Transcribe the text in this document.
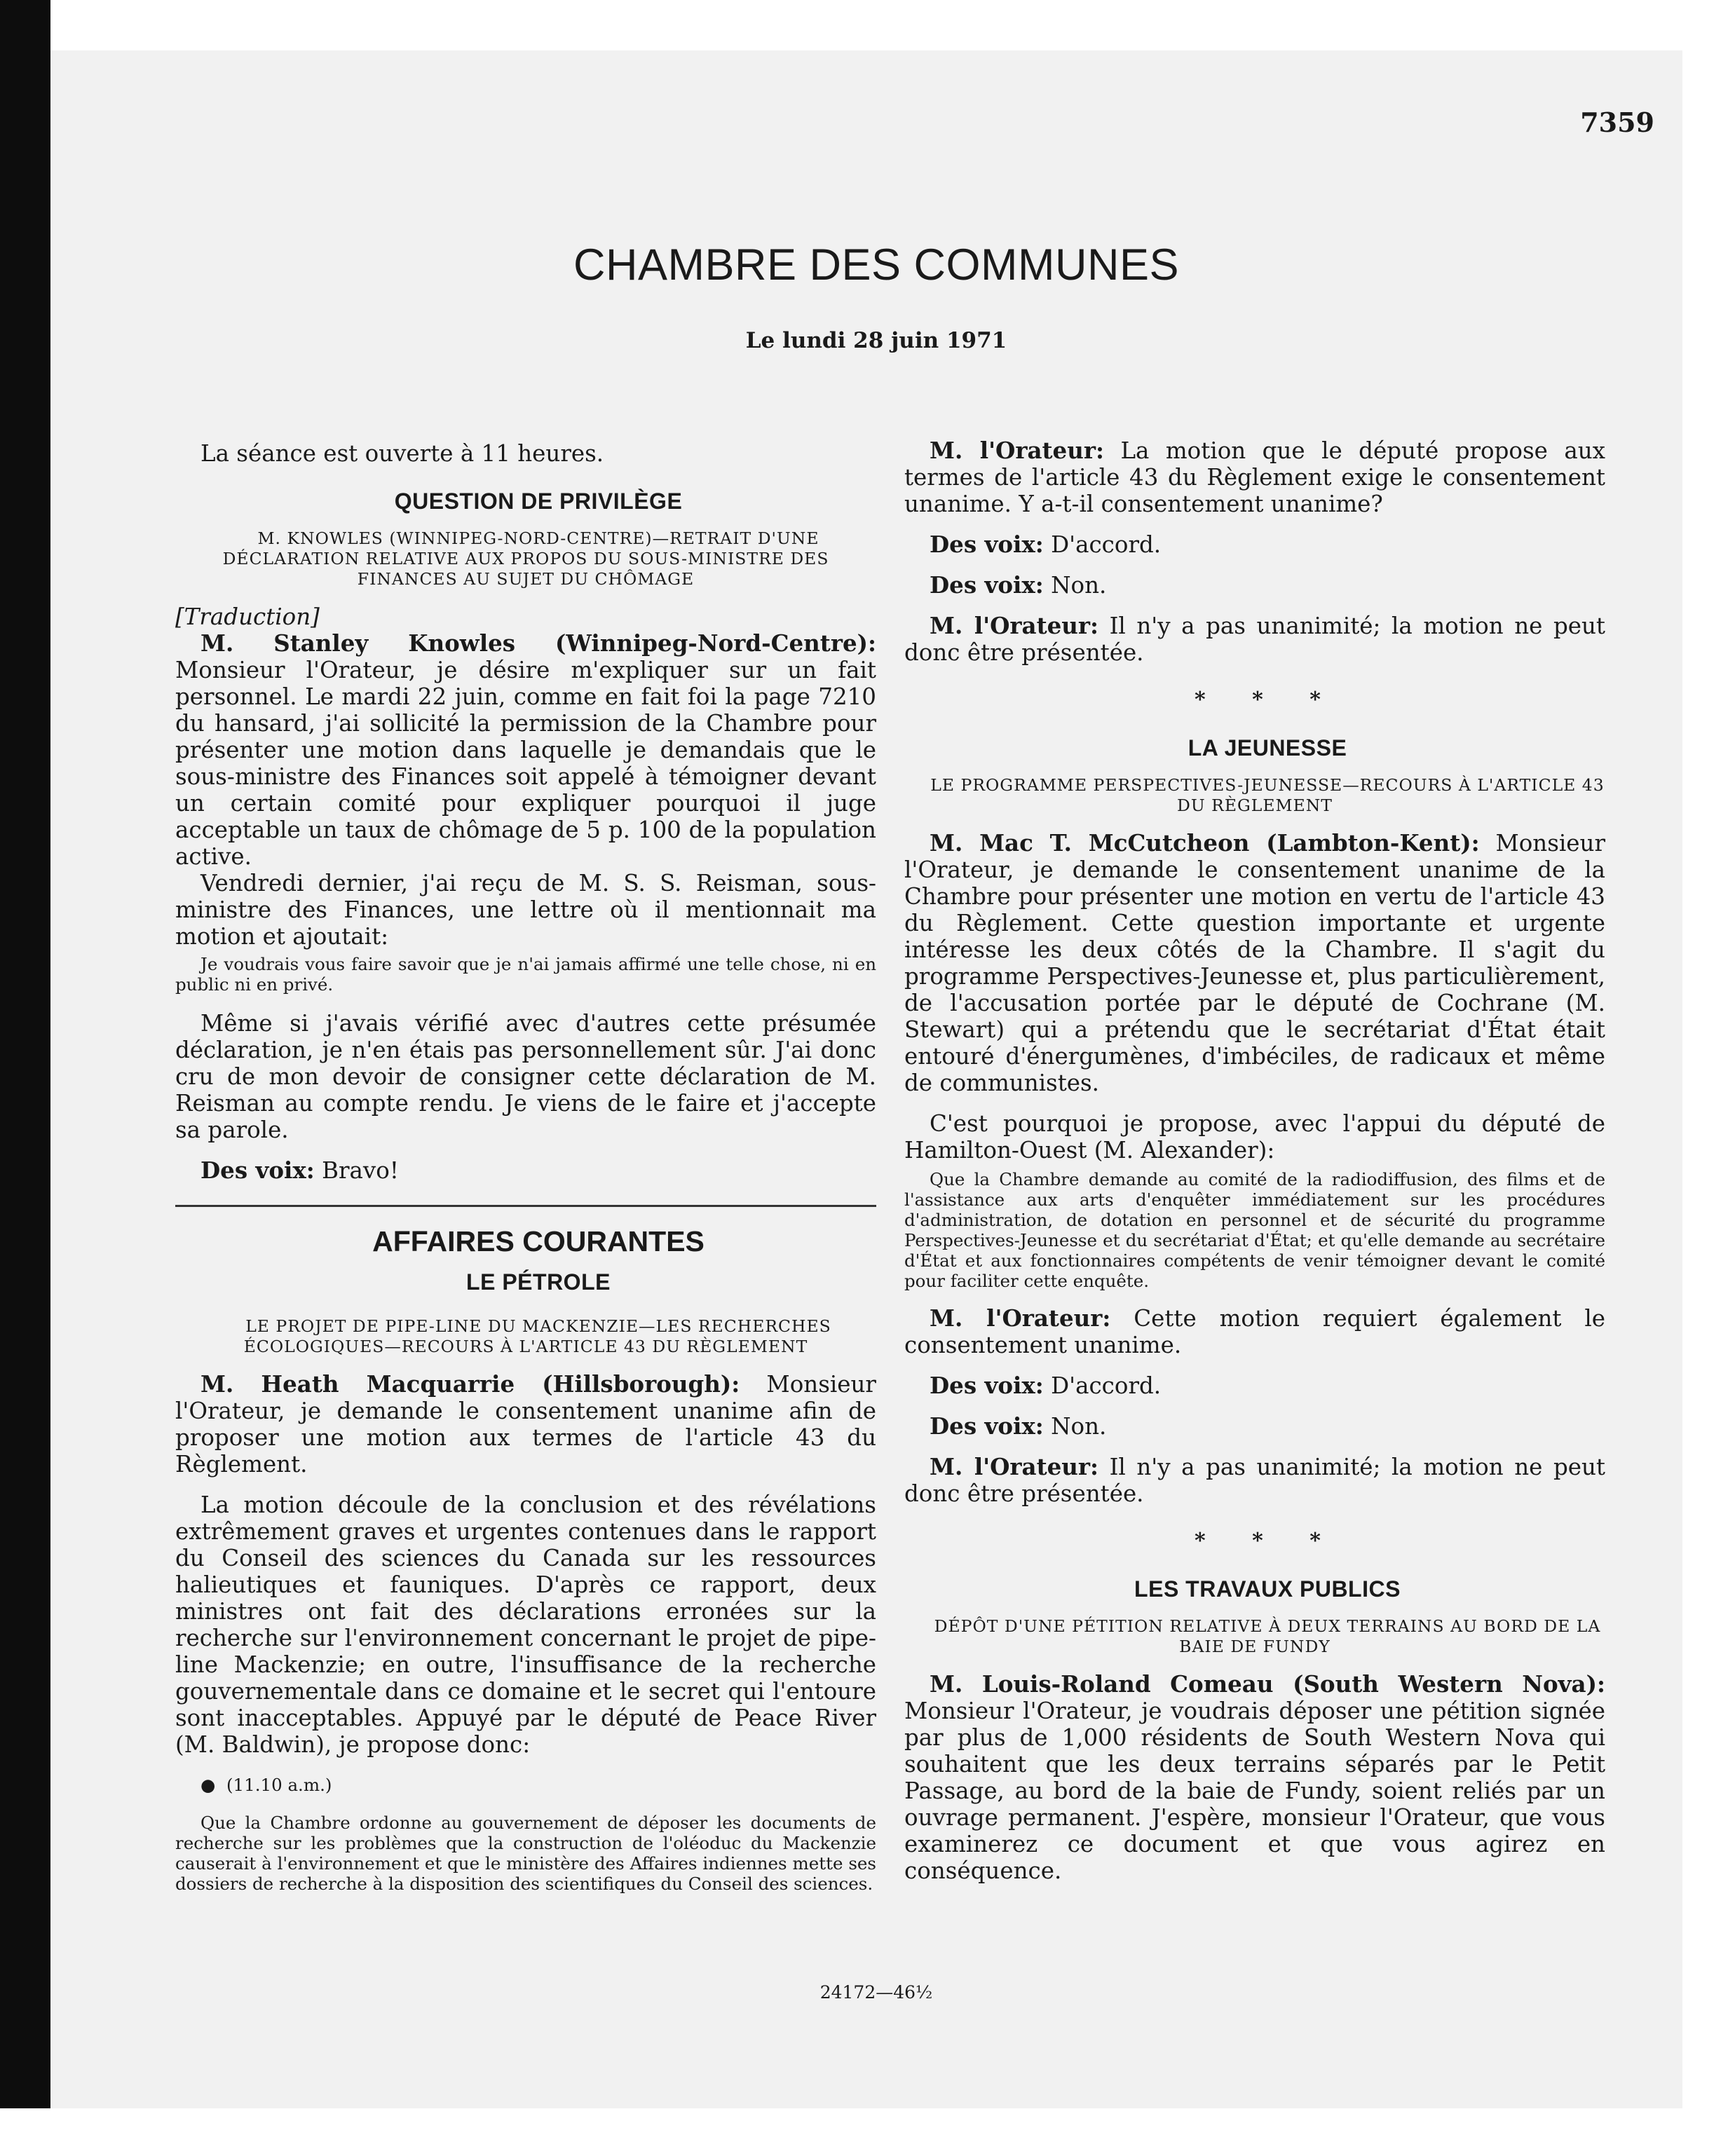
7359
CHAMBRE DES COMMUNES
Le lundi 28 juin 1971

La séance est ouverte à 11 heures.

QUESTION DE PRIVILÈGE

M. KNOWLES (WINNIPEG-NORD-CENTRE)—RETRAIT D'UNE DÉCLARATION RELATIVE AUX PROPOS DU SOUS-MINISTRE DES FINANCES AU SUJET DU CHÔMAGE

[Traduction]

M. Stanley Knowles (Winnipeg-Nord-Centre): Monsieur l'Orateur, je désire m'expliquer sur un fait personnel. Le mardi 22 juin, comme en fait foi la page 7210 du hansard, j'ai sollicité la permission de la Chambre pour présenter une motion dans laquelle je demandais que le sous-ministre des Finances soit appelé à témoigner devant un certain comité pour expliquer pourquoi il juge acceptable un taux de chômage de 5 p. 100 de la population active.

Vendredi dernier, j'ai reçu de M. S. S. Reisman, sous-ministre des Finances, une lettre où il mentionnait ma motion et ajoutait:

Je voudrais vous faire savoir que je n'ai jamais affirmé une telle chose, ni en public ni en privé.

Même si j'avais vérifié avec d'autres cette présumée déclaration, je n'en étais pas personnellement sûr. J'ai donc cru de mon devoir de consigner cette déclaration de M. Reisman au compte rendu. Je viens de le faire et j'accepte sa parole.

Des voix: Bravo!

AFFAIRES COURANTES

LE PÉTROLE

LE PROJET DE PIPE-LINE DU MACKENZIE—LES RECHERCHES ÉCOLOGIQUES—RECOURS À L'ARTICLE 43 DU RÈGLEMENT

M. Heath Macquarrie (Hillsborough): Monsieur l'Orateur, je demande le consentement unanime afin de proposer une motion aux termes de l'article 43 du Règlement.

La motion découle de la conclusion et des révélations extrêmement graves et urgentes contenues dans le rapport du Conseil des sciences du Canada sur les ressources halieutiques et fauniques. D'après ce rapport, deux ministres ont fait des déclarations erronées sur la recherche sur l'environnement concernant le projet de pipe-line Mackenzie; en outre, l'insuffisance de la recherche gouvernementale dans ce domaine et le secret qui l'entoure sont inacceptables. Appuyé par le député de Peace River (M. Baldwin), je propose donc:

●  (11.10 a.m.)

Que la Chambre ordonne au gouvernement de déposer les documents de recherche sur les problèmes que la construction de l'oléoduc du Mackenzie causerait à l'environnement et que le ministère des Affaires indiennes mette ses dossiers de recherche à la disposition des scientifiques du Conseil des sciences.

M. l'Orateur: La motion que le député propose aux termes de l'article 43 du Règlement exige le consentement unanime. Y a-t-il consentement unanime?

Des voix: D'accord.

Des voix: Non.

M. l'Orateur: Il n'y a pas unanimité; la motion ne peut donc être présentée.

* * *

LA JEUNESSE

LE PROGRAMME PERSPECTIVES-JEUNESSE—RECOURS À L'ARTICLE 43 DU RÈGLEMENT

M. Mac T. McCutcheon (Lambton-Kent): Monsieur l'Orateur, je demande le consentement unanime de la Chambre pour présenter une motion en vertu de l'article 43 du Règlement. Cette question importante et urgente intéresse les deux côtés de la Chambre. Il s'agit du programme Perspectives-Jeunesse et, plus particulièrement, de l'accusation portée par le député de Cochrane (M. Stewart) qui a prétendu que le secrétariat d'État était entouré d'énergumènes, d'imbéciles, de radicaux et même de communistes.

C'est pourquoi je propose, avec l'appui du député de Hamilton-Ouest (M. Alexander):

Que la Chambre demande au comité de la radiodiffusion, des films et de l'assistance aux arts d'enquêter immédiatement sur les procédures d'administration, de dotation en personnel et de sécurité du programme Perspectives-Jeunesse et du secrétariat d'État; et qu'elle demande au secrétaire d'État et aux fonctionnaires compétents de venir témoigner devant le comité pour faciliter cette enquête.

M. l'Orateur: Cette motion requiert également le consentement unanime.

Des voix: D'accord.

Des voix: Non.

M. l'Orateur: Il n'y a pas unanimité; la motion ne peut donc être présentée.

* * *

LES TRAVAUX PUBLICS

DÉPÔT D'UNE PÉTITION RELATIVE À DEUX TERRAINS AU BORD DE LA BAIE DE FUNDY

M. Louis-Roland Comeau (South Western Nova): Monsieur l'Orateur, je voudrais déposer une pétition signée par plus de 1,000 résidents de South Western Nova qui souhaitent que les deux terrains séparés par le Petit Passage, au bord de la baie de Fundy, soient reliés par un ouvrage permanent. J'espère, monsieur l'Orateur, que vous examinerez ce document et que vous agirez en conséquence.

24172—46½
